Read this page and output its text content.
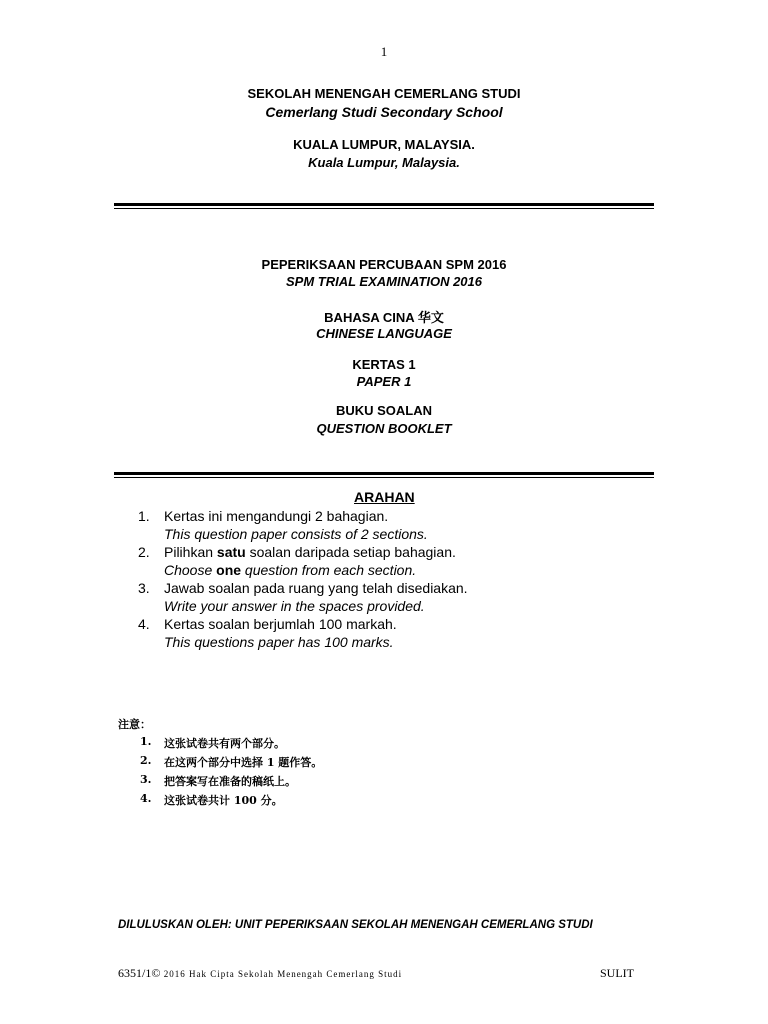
1
SEKOLAH MENENGAH CEMERLANG STUDI
Cemerlang Studi Secondary School
KUALA LUMPUR, MALAYSIA.
Kuala Lumpur, Malaysia.
PEPERIKSAAN PERCUBAAN SPM 2016
SPM TRIAL EXAMINATION 2016
BAHASA CINA 华文
CHINESE LANGUAGE
KERTAS 1
PAPER 1
BUKU SOALAN
QUESTION BOOKLET
ARAHAN
1.	Kertas ini mengandungi 2 bahagian.
This question paper consists of 2 sections.
2.	Pilihkan satu soalan daripada setiap bahagian.
Choose one question from each section.
3.	Jawab soalan pada ruang yang telah disediakan.
Write your answer in the spaces provided.
4.	Kertas soalan berjumlah 100 markah.
This questions paper has 100 marks.
注意：
1. 这张试卷共有两个部分。
2. 在这两个部分中选择 1 题作答。
3. 把答案写在准备的稿纸上。
4. 这张试卷共计 100 分。
DILULUSKAN OLEH: UNIT PEPERIKSAAN SEKOLAH MENENGAH CEMERLANG STUDI
6351/1© 2016 Hak Cipta Sekolah Menengah Cemerlang Studi	SULIT
